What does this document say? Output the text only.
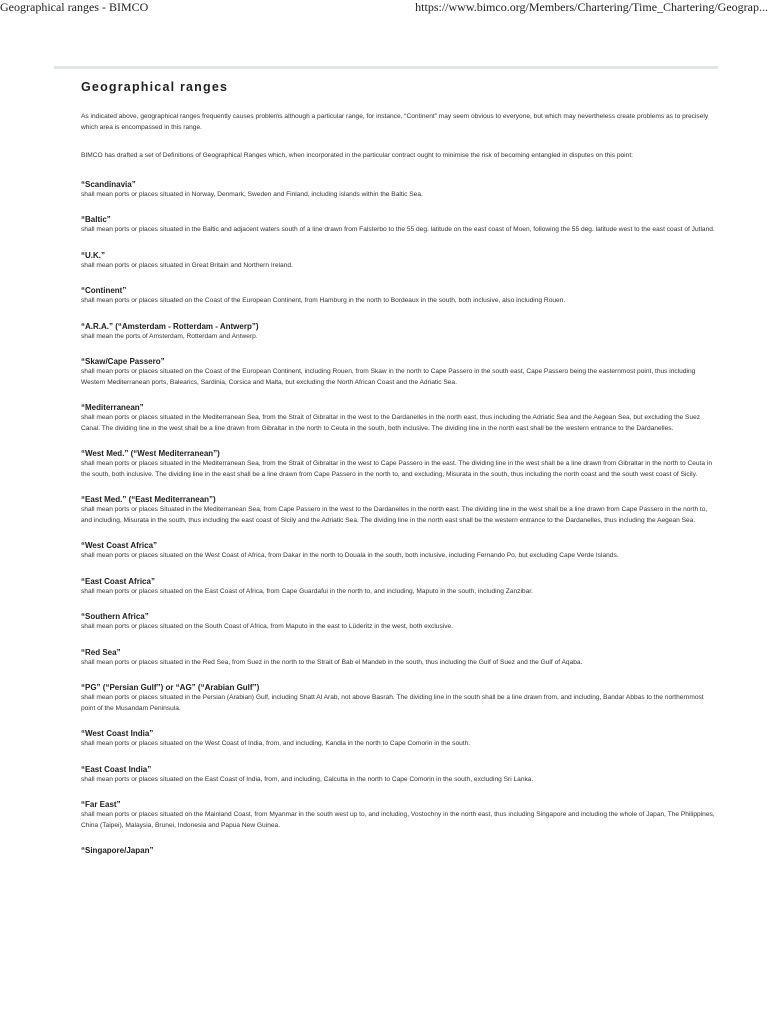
Geographical ranges - BIMCO	https://www.bimco.org/Members/Chartering/Time_Chartering/Geograp...
Geographical ranges

As indicated above, geographical ranges frequently causes problems although a particular range, for instance, “Continent” may seem obvious to everyone, but which may nevertheless create problems as to precisely which area is encompassed in this range.

BIMCO has drafted a set of Definitions of Geographical Ranges which, when incorporated in the particular contract ought to minimise the risk of becoming entangled in disputes on this point:

“Scandinavia”

shall mean ports or places situated in Norway, Denmark, Sweden and Finland, including islands within the Baltic Sea.

“Baltic”

shall mean ports or places situated in the Baltic and adjacent waters south of a line drawn from Falsterbo to the 55 deg. latitude on the east coast of Moen, following the 55 deg. latitude west to the east coast of Jutland.

“U.K.”

shall mean ports or places situated in Great Britain and Northern Ireland.

“Continent”

shall mean ports or places situated on the Coast of the European Continent, from Hamburg in the north to Bordeaux in the south, both inclusive, also including Rouen.

“A.R.A.” (“Amsterdam - Rotterdam - Antwerp”)

shall mean the ports of Amsterdam, Rotterdam and Antwerp.

“Skaw/Cape Passero”

shall mean ports or places situated on the Coast of the European Continent, including Rouen, from Skaw in the north to Cape Passero in the south east, Cape Passero being the easternmost point, thus including Western Mediterranean ports, Balearics, Sardinia, Corsica and Malta, but excluding the North African Coast and the Adriatic Sea.

“Mediterranean”

shall mean ports or places situated in the Mediterranean Sea, from the Strait of Gibraltar in the west to the Dardanelles in the north east, thus including the Adriatic Sea and the Aegean Sea, but excluding the Suez Canal. The dividing line in the west shall be a line drawn from Gibraltar in the north to Ceuta in the south, both inclusive. The dividing line in the north east shall be the western entrance to the Dardanelles.

“West Med.” (“West Mediterranean”)

shall mean ports or places situated in the Mediterranean Sea, from the Strait of Gibraltar in the west to Cape Passero in the east. The dividing line in the west shall be a line drawn from Gibraltar in the north to Ceuta in the south, both inclusive. The dividing line in the east shall be a line drawn from Cape Passero in the north to, and excluding, Misurata in the south, thus including the north coast and the south west coast of Sicily.

“East Med.” (“East Mediterranean”)

shall mean ports or places Situated in the Mediterranean Sea, from Cape Passero in the west to the Dardanelles in the north east. The dividing line in the west shall be a line drawn from Cape Passero in the north to, and including, Misurata in the south, thus including the east coast of Sicily and the Adriatic Sea. The dividing line in the north east shall be the western entrance to the Dardanelles, thus including the Aegean Sea.

“West Coast Africa”

shall mean ports or places situated on the West Coast of Africa, from Dakar in the north to Douala in the south, both inclusive, including Fernando Po, but excluding Cape Verde Islands.

“East Coast Africa”

shall mean ports or places situated on the East Coast of Africa, from Cape Guardafui in the north to, and including, Maputo in the south, including Zanzibar.

“Southern Africa”

shall mean ports or places situated on the South Coast of Africa, from Maputo in the east to Lüderitz in the west, both exclusive.

“Red Sea”

shall mean ports or places situated in the Red Sea, from Suez in the north to the Strait of Bab el Mandeb in the south, thus including the Gulf of Suez and the Gulf of Aqaba.

“PG” (“Persian Gulf”) or “AG” (“Arabian Gulf”)

shall mean ports or places situated in the Persian (Arabian) Gulf, including Shatt Al Arab, not above Basrah. The dividing line in the south shall be a line drawn from, and including, Bandar Abbas to the northernmost point of the Musandam Peninsula.

“West Coast India”

shall mean ports or places situated on the West Coast of India, from, and including, Kandla in the north to Cape Comorin in the south.

“East Coast India”

shall mean ports or places situated on the East Coast of India, from, and including, Calcutta in the north to Cape Comorin in the south, excluding Sri Lanka.

“Far East”

shall mean ports or places situated on the Mainland Coast, from Myanmar in the south west up to, and including, Vostochny in the north east, thus including Singapore and including the whole of Japan, The Philippines, China (Taipei), Malaysia, Brunei, Indonesia and Papua New Guinea.

“Singapore/Japan”
